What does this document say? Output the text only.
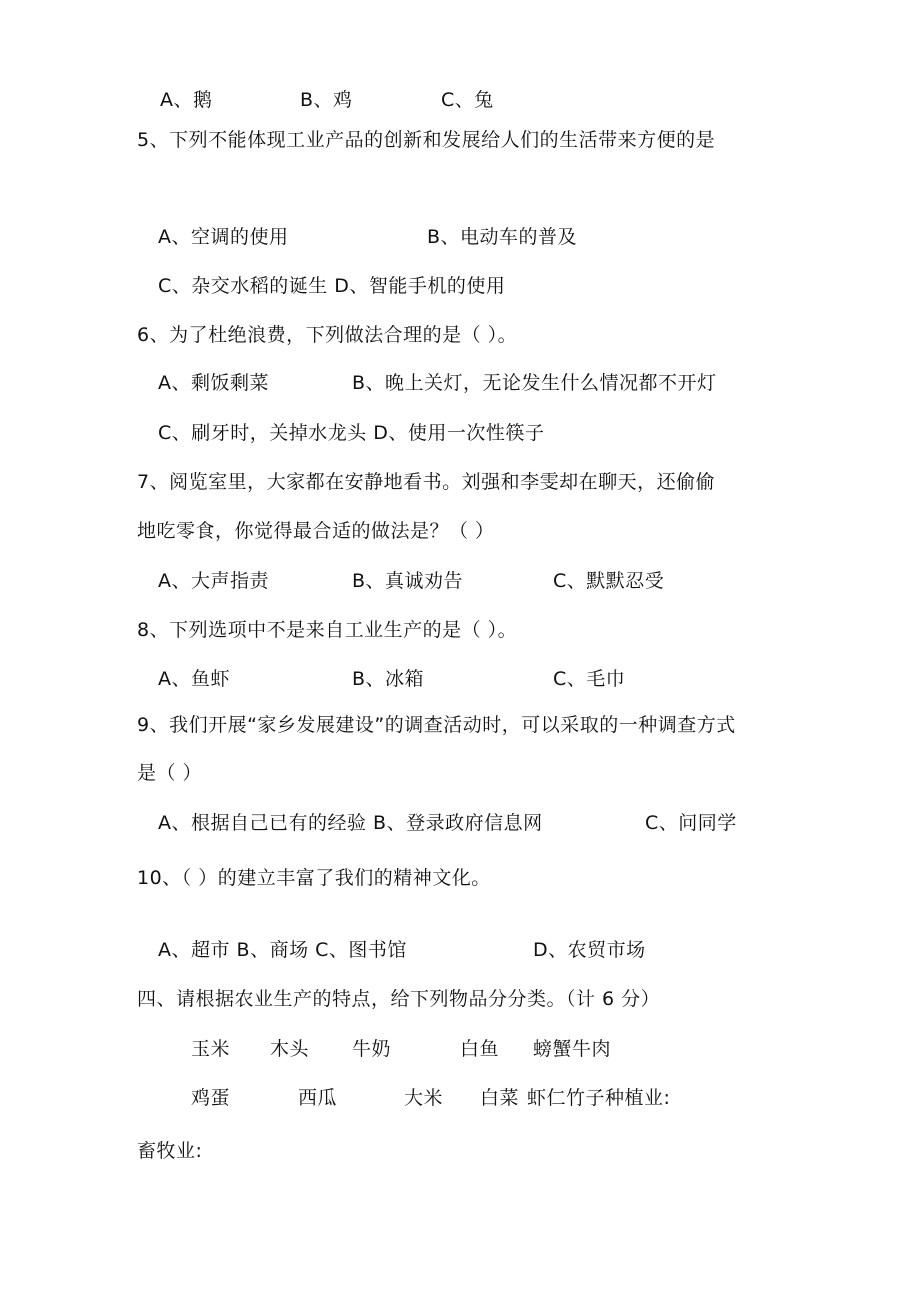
A、鹅	B、鸡	C、兔
5、下列不能体现工业产品的创新和发展给人们的生活带来方便的是
A、空调的使用	B、电动车的普及
C、杂交水稻的诞生 D、智能手机的使用
6、为了杜绝浪费，下列做法合理的是（ ）。
A、剩饭剩菜	B、晚上关灯，无论发生什么情况都不开灯
C、刷牙时，关掉水龙头 D、使用一次性筷子
7、阅览室里，大家都在安静地看书。刘强和李雯却在聊天，还偷偷
地吃零食，你觉得最合适的做法是？（ ）
A、大声指责	B、真诚劝告	C、默默忍受
8、下列选项中不是来自工业生产的是（ ）。
A、鱼虾	B、冰箱	C、毛巾
9、我们开展“家乡发展建设”的调查活动时，可以采取的一种调查方式
是（ ）
A、根据自己已有的经验 B、登录政府信息网	C、问同学
10、（ ）的建立丰富了我们的精神文化。
A、超市 B、商场 C、图书馆	D、农贸市场
四、请根据农业生产的特点，给下列物品分分类。（计 6 分）
玉米 木头 牛奶	白鱼 螃蟹牛肉
鸡蛋	西瓜	大米 白菜 虾仁竹子种植业:
畜牧业:
